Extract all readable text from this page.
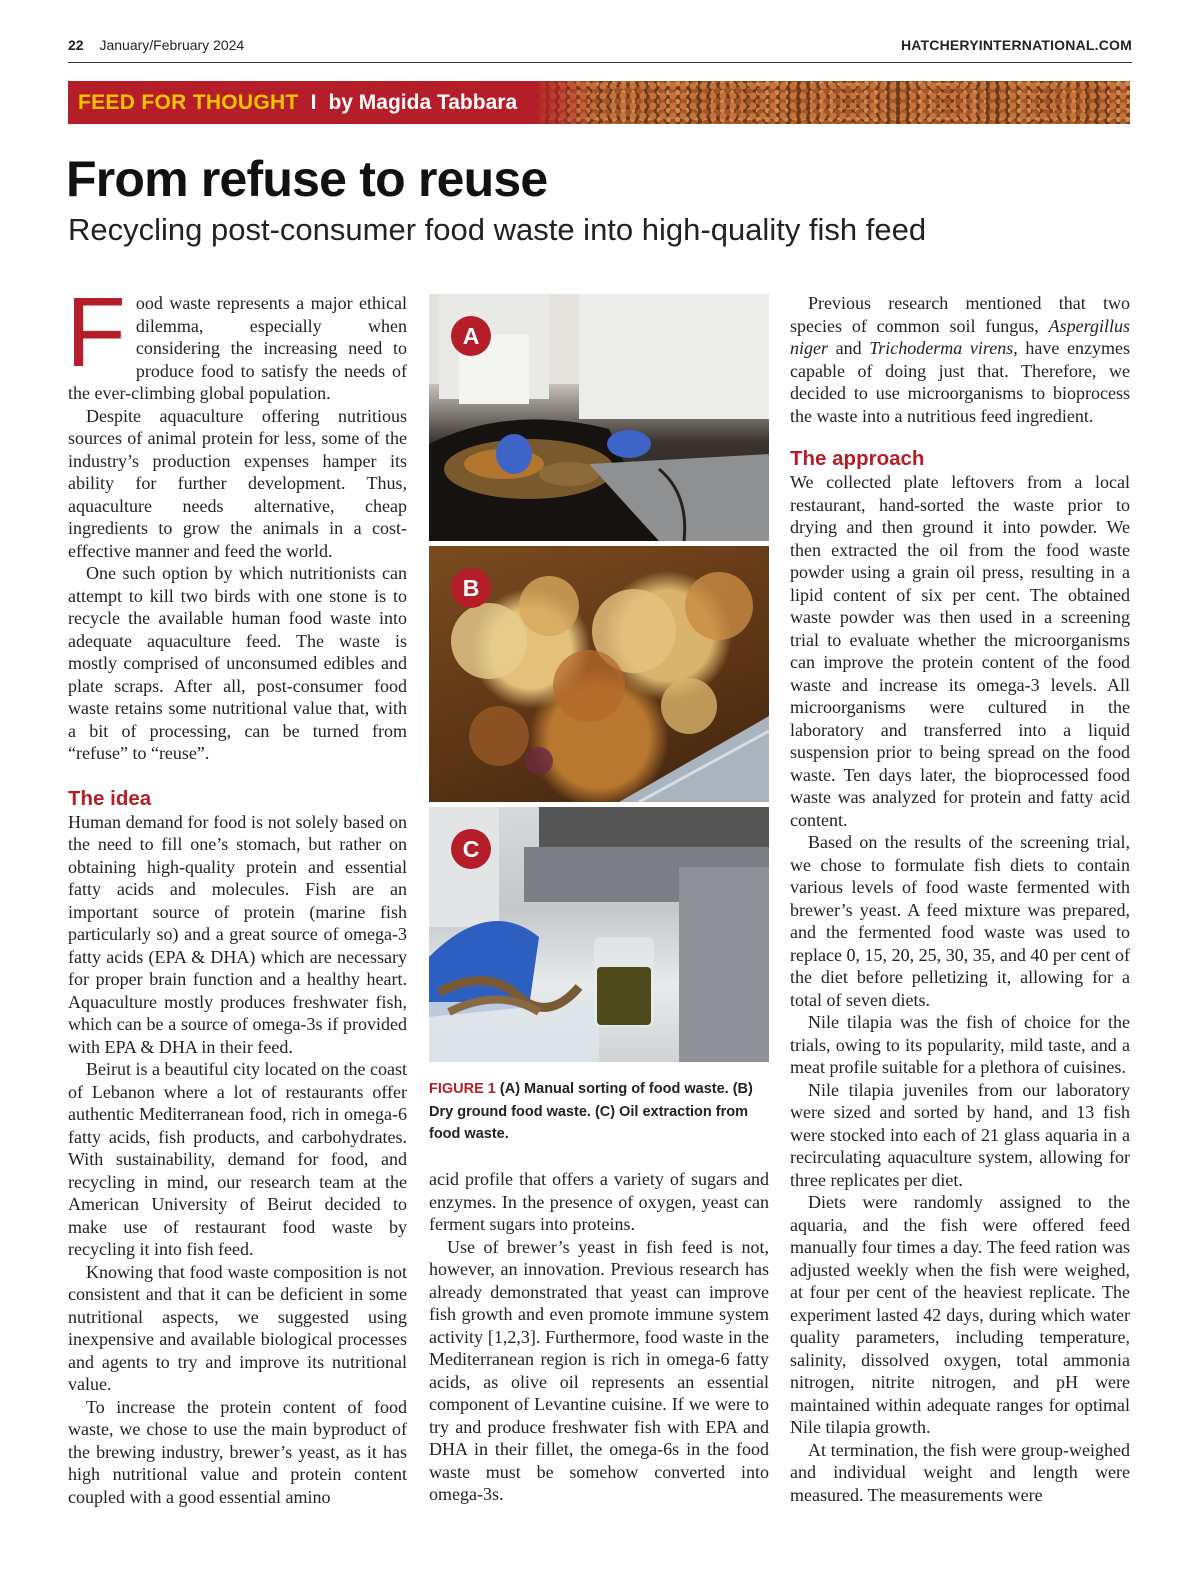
22 January/February 2024	HATCHERYINTERNATIONAL.COM
FEED FOR THOUGHT I by Magida Tabbara
From refuse to reuse
Recycling post-consumer food waste into high-quality fish feed

Food waste represents a major ethical dilemma, especially when considering the increasing need to produce food to satisfy the needs of the ever-climbing global population.

Despite aquaculture offering nutritious sources of animal protein for less, some of the industry’s production expenses hamper its ability for further development. Thus, aquaculture needs alternative, cheap ingredients to grow the animals in a cost-effective manner and feed the world.

One such option by which nutritionists can attempt to kill two birds with one stone is to recycle the available human food waste into adequate aquaculture feed. The waste is mostly comprised of unconsumed edibles and plate scraps. After all, post-consumer food waste retains some nutritional value that, with a bit of processing, can be turned from “refuse” to “reuse”.

The idea

Human demand for food is not solely based on the need to fill one’s stomach, but rather on obtaining high-quality protein and essential fatty acids and molecules. Fish are an important source of protein (marine fish particularly so) and a great source of omega-3 fatty acids (EPA & DHA) which are necessary for proper brain function and a healthy heart. Aquaculture mostly produces freshwater fish, which can be a source of omega-3s if provided with EPA & DHA in their feed.

Beirut is a beautiful city located on the coast of Lebanon where a lot of restaurants offer authentic Mediterranean food, rich in omega-6 fatty acids, fish products, and carbohydrates. With sustainability, demand for food, and recycling in mind, our research team at the American University of Beirut decided to make use of restaurant food waste by recycling it into fish feed.

Knowing that food waste composition is not consistent and that it can be deficient in some nutritional aspects, we suggested using inexpensive and available biological processes and agents to try and improve its nutritional value.

To increase the protein content of food waste, we chose to use the main byproduct of the brewing industry, brewer’s yeast, as it has high nutritional value and protein content coupled with a good essential amino

A
B
C
FIGURE 1 (A) Manual sorting of food waste. (B) Dry ground food waste. (C) Oil extraction from food waste.

acid profile that offers a variety of sugars and enzymes. In the presence of oxygen, yeast can ferment sugars into proteins.

Use of brewer’s yeast in fish feed is not, however, an innovation. Previous research has already demonstrated that yeast can improve fish growth and even promote immune system activity [1,2,3]. Furthermore, food waste in the Mediterranean region is rich in omega-6 fatty acids, as olive oil represents an essential component of Levantine cuisine. If we were to try and produce freshwater fish with EPA and DHA in their fillet, the omega-6s in the food waste must be somehow converted into omega-3s.

Previous research mentioned that two species of common soil fungus, Aspergillus niger and Trichoderma virens, have enzymes capable of doing just that. Therefore, we decided to use microorganisms to bioprocess the waste into a nutritious feed ingredient.

The approach

We collected plate leftovers from a local restaurant, hand-sorted the waste prior to drying and then ground it into powder. We then extracted the oil from the food waste powder using a grain oil press, resulting in a lipid content of six per cent. The obtained waste powder was then used in a screening trial to evaluate whether the microorganisms can improve the protein content of the food waste and increase its omega-3 levels. All microorganisms were cultured in the laboratory and transferred into a liquid suspension prior to being spread on the food waste. Ten days later, the bioprocessed food waste was analyzed for protein and fatty acid content.

Based on the results of the screening trial, we chose to formulate fish diets to contain various levels of food waste fermented with brewer’s yeast. A feed mixture was prepared, and the fermented food waste was used to replace 0, 15, 20, 25, 30, 35, and 40 per cent of the diet before pelletizing it, allowing for a total of seven diets.

Nile tilapia was the fish of choice for the trials, owing to its popularity, mild taste, and a meat profile suitable for a plethora of cuisines.

Nile tilapia juveniles from our laboratory were sized and sorted by hand, and 13 fish were stocked into each of 21 glass aquaria in a recirculating aquaculture system, allowing for three replicates per diet.

Diets were randomly assigned to the aquaria, and the fish were offered feed manually four times a day. The feed ration was adjusted weekly when the fish were weighed, at four per cent of the heaviest replicate. The experiment lasted 42 days, during which water quality parameters, including temperature, salinity, dissolved oxygen, total ammonia nitrogen, nitrite nitrogen, and pH were maintained within adequate ranges for optimal Nile tilapia growth.

At termination, the fish were group-weighed and individual weight and length were measured. The measurements were
